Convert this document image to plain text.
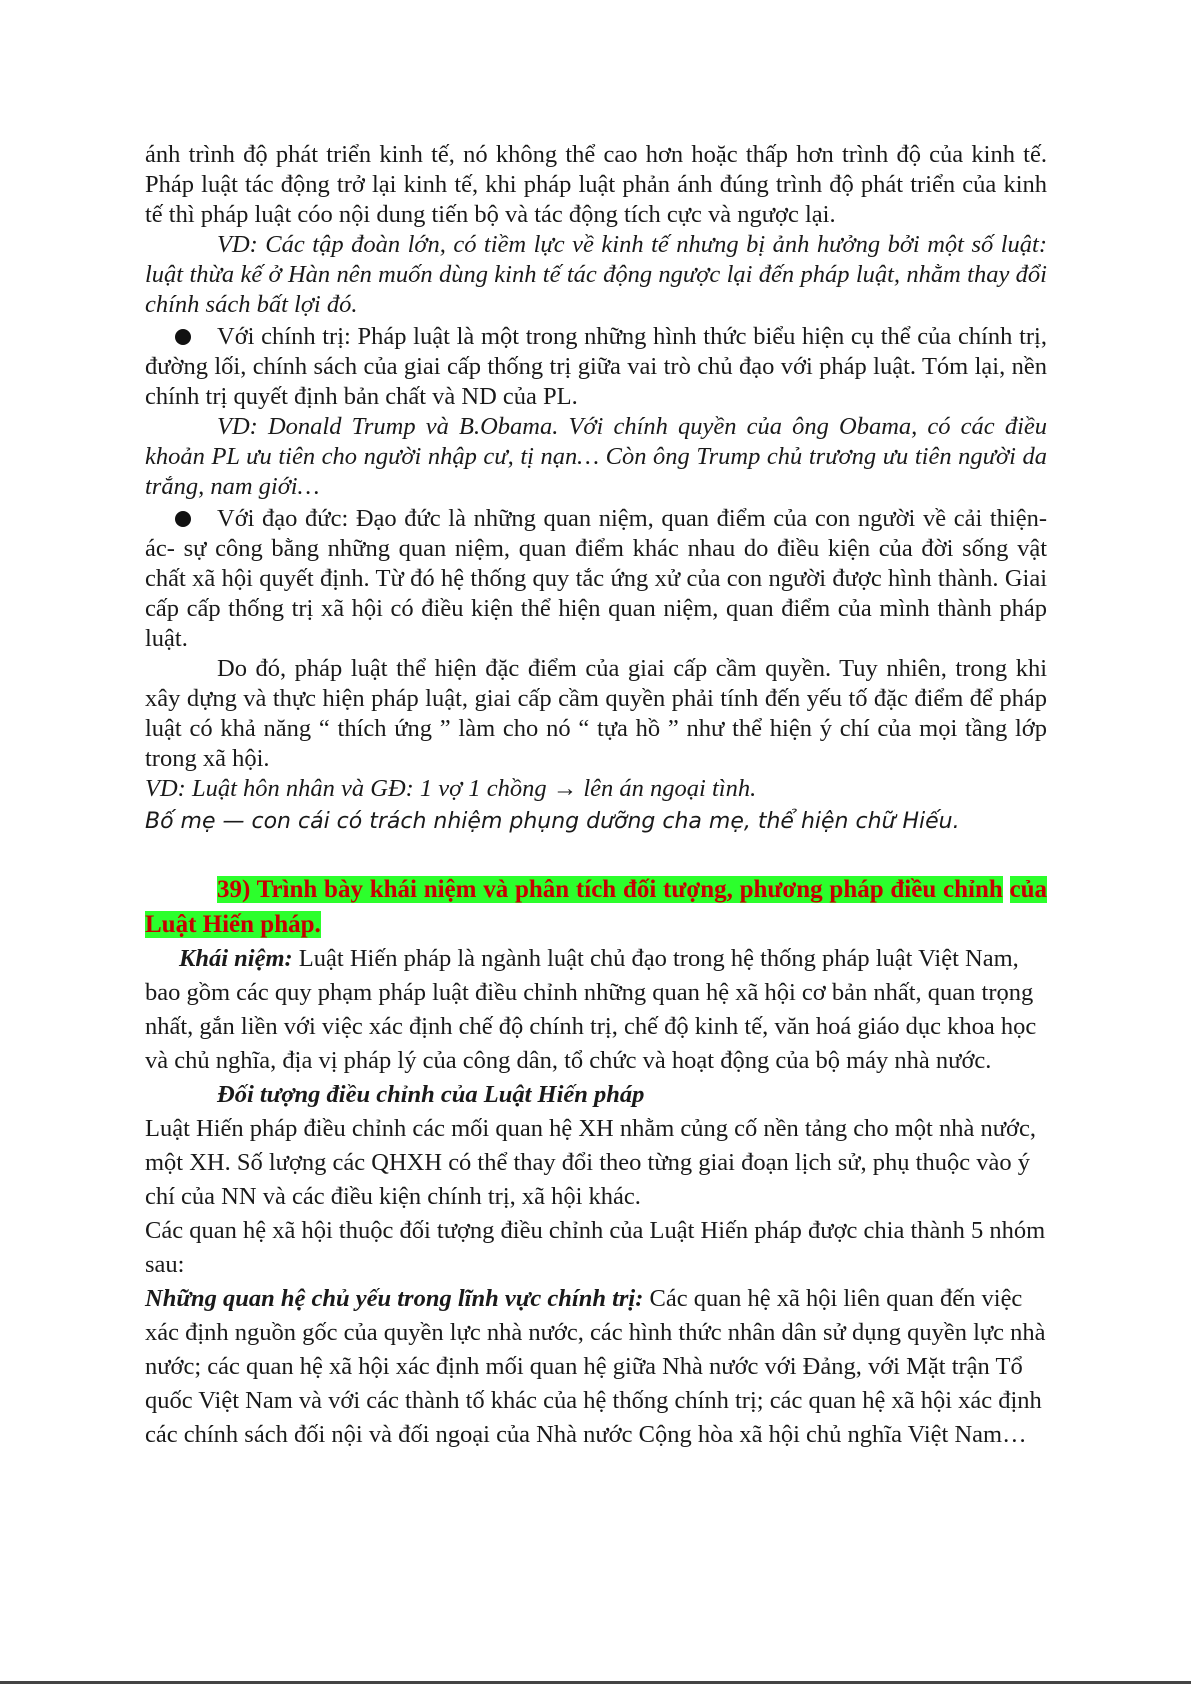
ánh trình độ phát triển kinh tế, nó không thể cao hơn hoặc thấp hơn trình độ của kinh tế. Pháp luật tác động trở lại kinh tế, khi pháp luật phản ánh đúng trình độ phát triển của kinh tế thì pháp luật cóo nội dung tiến bộ và tác động tích cực và ngược lại.

VD: Các tập đoàn lớn, có tiềm lực về kinh tế nhưng bị ảnh hưởng bởi một số luật: luật thừa kế ở Hàn nên muốn dùng kinh tế tác động ngược lại đến pháp luật, nhằm thay đổi chính sách bất lợi đó.

Với chính trị: Pháp luật là một trong những hình thức biểu hiện cụ thể của chính trị, đường lối, chính sách của giai cấp thống trị giữa vai trò chủ đạo với pháp luật. Tóm lại, nền chính trị quyết định bản chất và ND của PL.

VD: Donald Trump và B.Obama. Với chính quyền của ông Obama, có các điều khoản PL ưu tiên cho người nhập cư, tị nạn… Còn ông Trump chủ trương ưu tiên người da trắng, nam giới…

Với đạo đức: Đạo đức là những quan niệm, quan điểm của con người về cải thiện- ác- sự công bằng những quan niệm, quan điểm khác nhau do điều kiện của đời sống vật chất xã hội quyết định. Từ đó hệ thống quy tắc ứng xử của con người được hình thành. Giai cấp cấp thống trị xã hội có điều kiện thể hiện quan niệm, quan điểm của mình thành pháp luật.

Do đó, pháp luật thể hiện đặc điểm của giai cấp cầm quyền. Tuy nhiên, trong khi xây dựng và thực hiện pháp luật, giai cấp cầm quyền phải tính đến yếu tố đặc điểm để pháp luật có khả năng “ thích ứng ” làm cho nó “ tựa hồ ” như thể hiện ý chí của mọi tầng lớp trong xã hội.

VD: Luật hôn nhân và GĐ: 1 vợ 1 chồng → lên án ngoại tình.

Bố mẹ — con cái có trách nhiệm phụng dưỡng cha mẹ, thể hiện chữ Hiếu.

39) Trình bày khái niệm và phân tích đối tượng, phương pháp điều chỉnh của Luật Hiến pháp.

Khái niệm: Luật Hiến pháp là ngành luật chủ đạo trong hệ thống pháp luật Việt Nam, bao gồm các quy phạm pháp luật điều chỉnh những quan hệ xã hội cơ bản nhất, quan trọng nhất, gắn liền với việc xác định chế độ chính trị, chế độ kinh tế, văn hoá giáo dục khoa học và chủ nghĩa, địa vị pháp lý của công dân, tổ chức và hoạt động của bộ máy nhà nước.

Đối tượng điều chỉnh của Luật Hiến pháp

Luật Hiến pháp điều chỉnh các mối quan hệ XH nhằm củng cố nền tảng cho một nhà nước, một XH. Số lượng các QHXH có thể thay đổi theo từng giai đoạn lịch sử, phụ thuộc vào ý chí của NN và các điều kiện chính trị, xã hội khác.

Các quan hệ xã hội thuộc đối tượng điều chỉnh của Luật Hiến pháp được chia thành 5 nhóm sau:

Những quan hệ chủ yếu trong lĩnh vực chính trị: Các quan hệ xã hội liên quan đến việc xác định nguồn gốc của quyền lực nhà nước, các hình thức nhân dân sử dụng quyền lực nhà nước; các quan hệ xã hội xác định mối quan hệ giữa Nhà nước với Đảng, với Mặt trận Tổ quốc Việt Nam và với các thành tố khác của hệ thống chính trị; các quan hệ xã hội xác định các chính sách đối nội và đối ngoại của Nhà nước Cộng hòa xã hội chủ nghĩa Việt Nam…
